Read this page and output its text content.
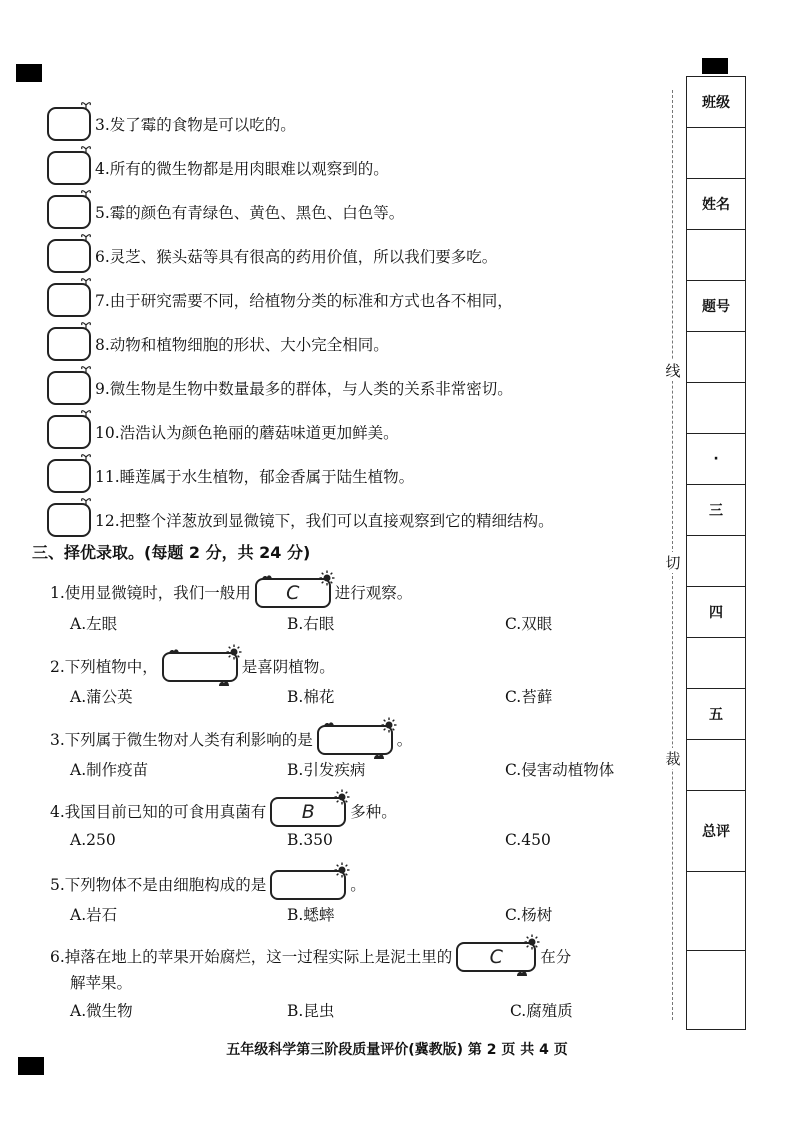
3.发了霉的食物是可以吃的。
4.所有的微生物都是用肉眼难以观察到的。
5.霉的颜色有青绿色、黄色、黑色、白色等。
6.灵芝、猴头菇等具有很高的药用价值，所以我们要多吃。
7.由于研究需要不同，给植物分类的标准和方式也各不相同，
8.动物和植物细胞的形状、大小完全相同。
9.微生物是生物中数量最多的群体，与人类的关系非常密切。
10.浩浩认为颜色艳丽的蘑菇味道更加鲜美。
11.睡莲属于水生植物，郁金香属于陆生植物。
12.把整个洋葱放到显微镜下，我们可以直接观察到它的精细结构。
三、择优录取。(每题 2 分，共 24 分)
1.使用显微镜时，我们一般用 C 进行观察。
A.左眼	B.右眼	C.双眼
2.下列植物中，	是喜阴植物。
A.蒲公英	B.棉花	C.苔藓
3.下列属于微生物对人类有利影响的是	。
A.制作疫苗	B.引发疾病	C.侵害动植物体
4.我国目前已知的可食用真菌有 B 多种。
A.250	B.350	C.450
5.下列物体不是由细胞构成的是	。
A.岩石	B.蟋蟀	C.杨树
6.掉落在地上的苹果开始腐烂，这一过程实际上是泥土里的 C 在分
解苹果。
A.微生物	B.昆虫	C.腐殖质
五年级科学第三阶段质量评价(冀教版) 第 2 页 共 4 页
线
切
裁
班级
姓名
题号
·
三
四
五
总评
